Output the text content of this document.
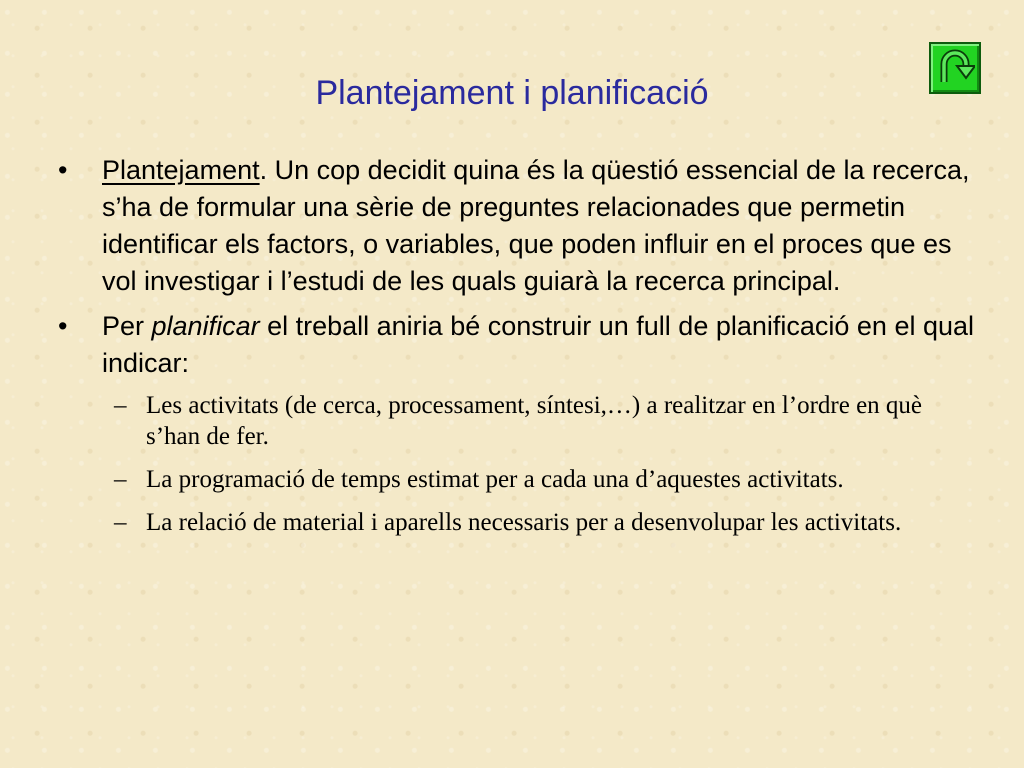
Plantejament i planificació
• Plantejament. Un cop decidit quina és la qüestió essencial de la recerca, s’ha de formular una sèrie de preguntes relacionades que permetin identificar els factors, o variables, que poden influir en el proces que es vol investigar i l’estudi de les quals guiarà la recerca principal.
• Per planificar el treball aniria bé construir un full de planificació en el qual indicar:
– Les activitats (de cerca, processament, síntesi,…) a realitzar en l’ordre en què s’han de fer.
– La programació de temps estimat per a cada una d’aquestes activitats.
– La relació de material i aparells necessaris per a desenvolupar les activitats.
